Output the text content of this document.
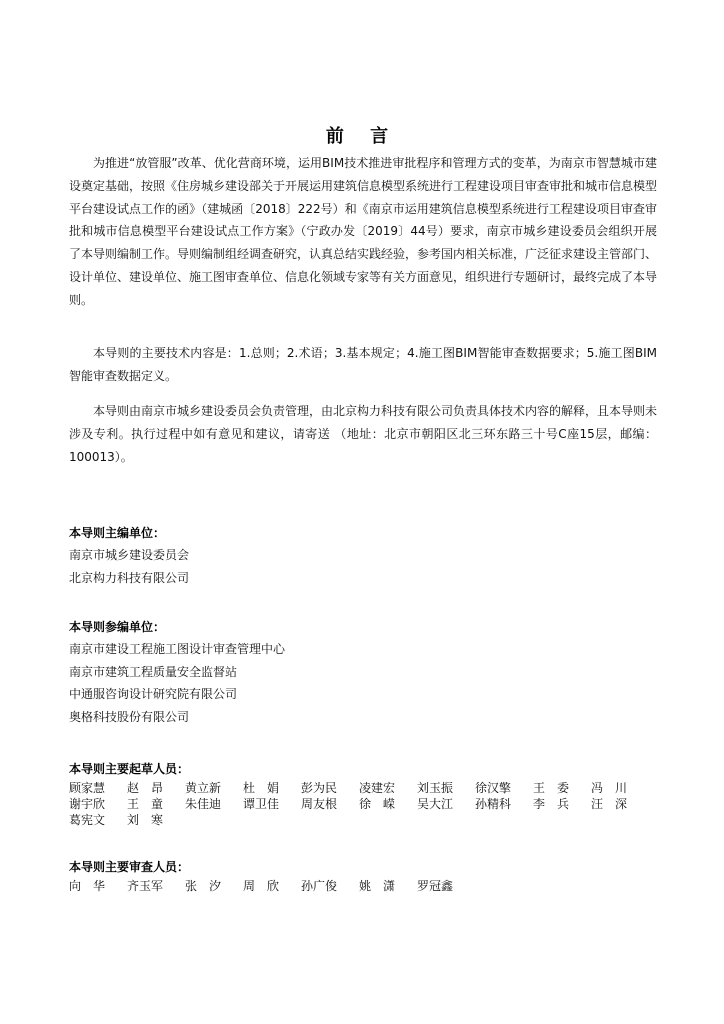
前 言

为推进“放管服”改革、优化营商环境，运用BIM技术推进审批程序和管理方式的变革，为南京市智慧城市建设奠定基础，按照《住房城乡建设部关于开展运用建筑信息模型系统进行工程建设项目审查审批和城市信息模型平台建设试点工作的函》（建城函〔2018〕222号）和《南京市运用建筑信息模型系统进行工程建设项目审查审批和城市信息模型平台建设试点工作方案》（宁政办发〔2019〕44号）要求，南京市城乡建设委员会组织开展了本导则编制工作。导则编制组经调查研究，认真总结实践经验，参考国内相关标准，广泛征求建设主管部门、设计单位、建设单位、施工图审查单位、信息化领域专家等有关方面意见，组织进行专题研讨，最终完成了本导则。

本导则的主要技术内容是：1.总则；2.术语；3.基本规定；4.施工图BIM智能审查数据要求；5.施工图BIM智能审查数据定义。

本导则由南京市城乡建设委员会负责管理，由北京构力科技有限公司负责具体技术内容的解释，且本导则未涉及专利。执行过程中如有意见和建议，请寄送 （地址：北京市朝阳区北三环东路三十号C座15层，邮编：100013）。

本导则主编单位：
南京市城乡建设委员会
北京构力科技有限公司
本导则参编单位：
南京市建设工程施工图设计审查管理中心
南京市建筑工程质量安全监督站
中通服咨询设计研究院有限公司
奥格科技股份有限公司
本导则主要起草人员：
顾家慧	赵　昂	黄立新	杜　娟	彭为民	凌建宏	刘玉振	徐汉擎	王　委	冯　川
谢宇欣	王　童	朱佳迪	谭卫佳	周友根	徐　嵘	吴大江	孙精科	李　兵	汪　深
葛宪文	刘　寒
本导则主要审查人员：
向　华	齐玉军	张　汐	周　欣	孙广俊	姚　潇	罗冠鑫
